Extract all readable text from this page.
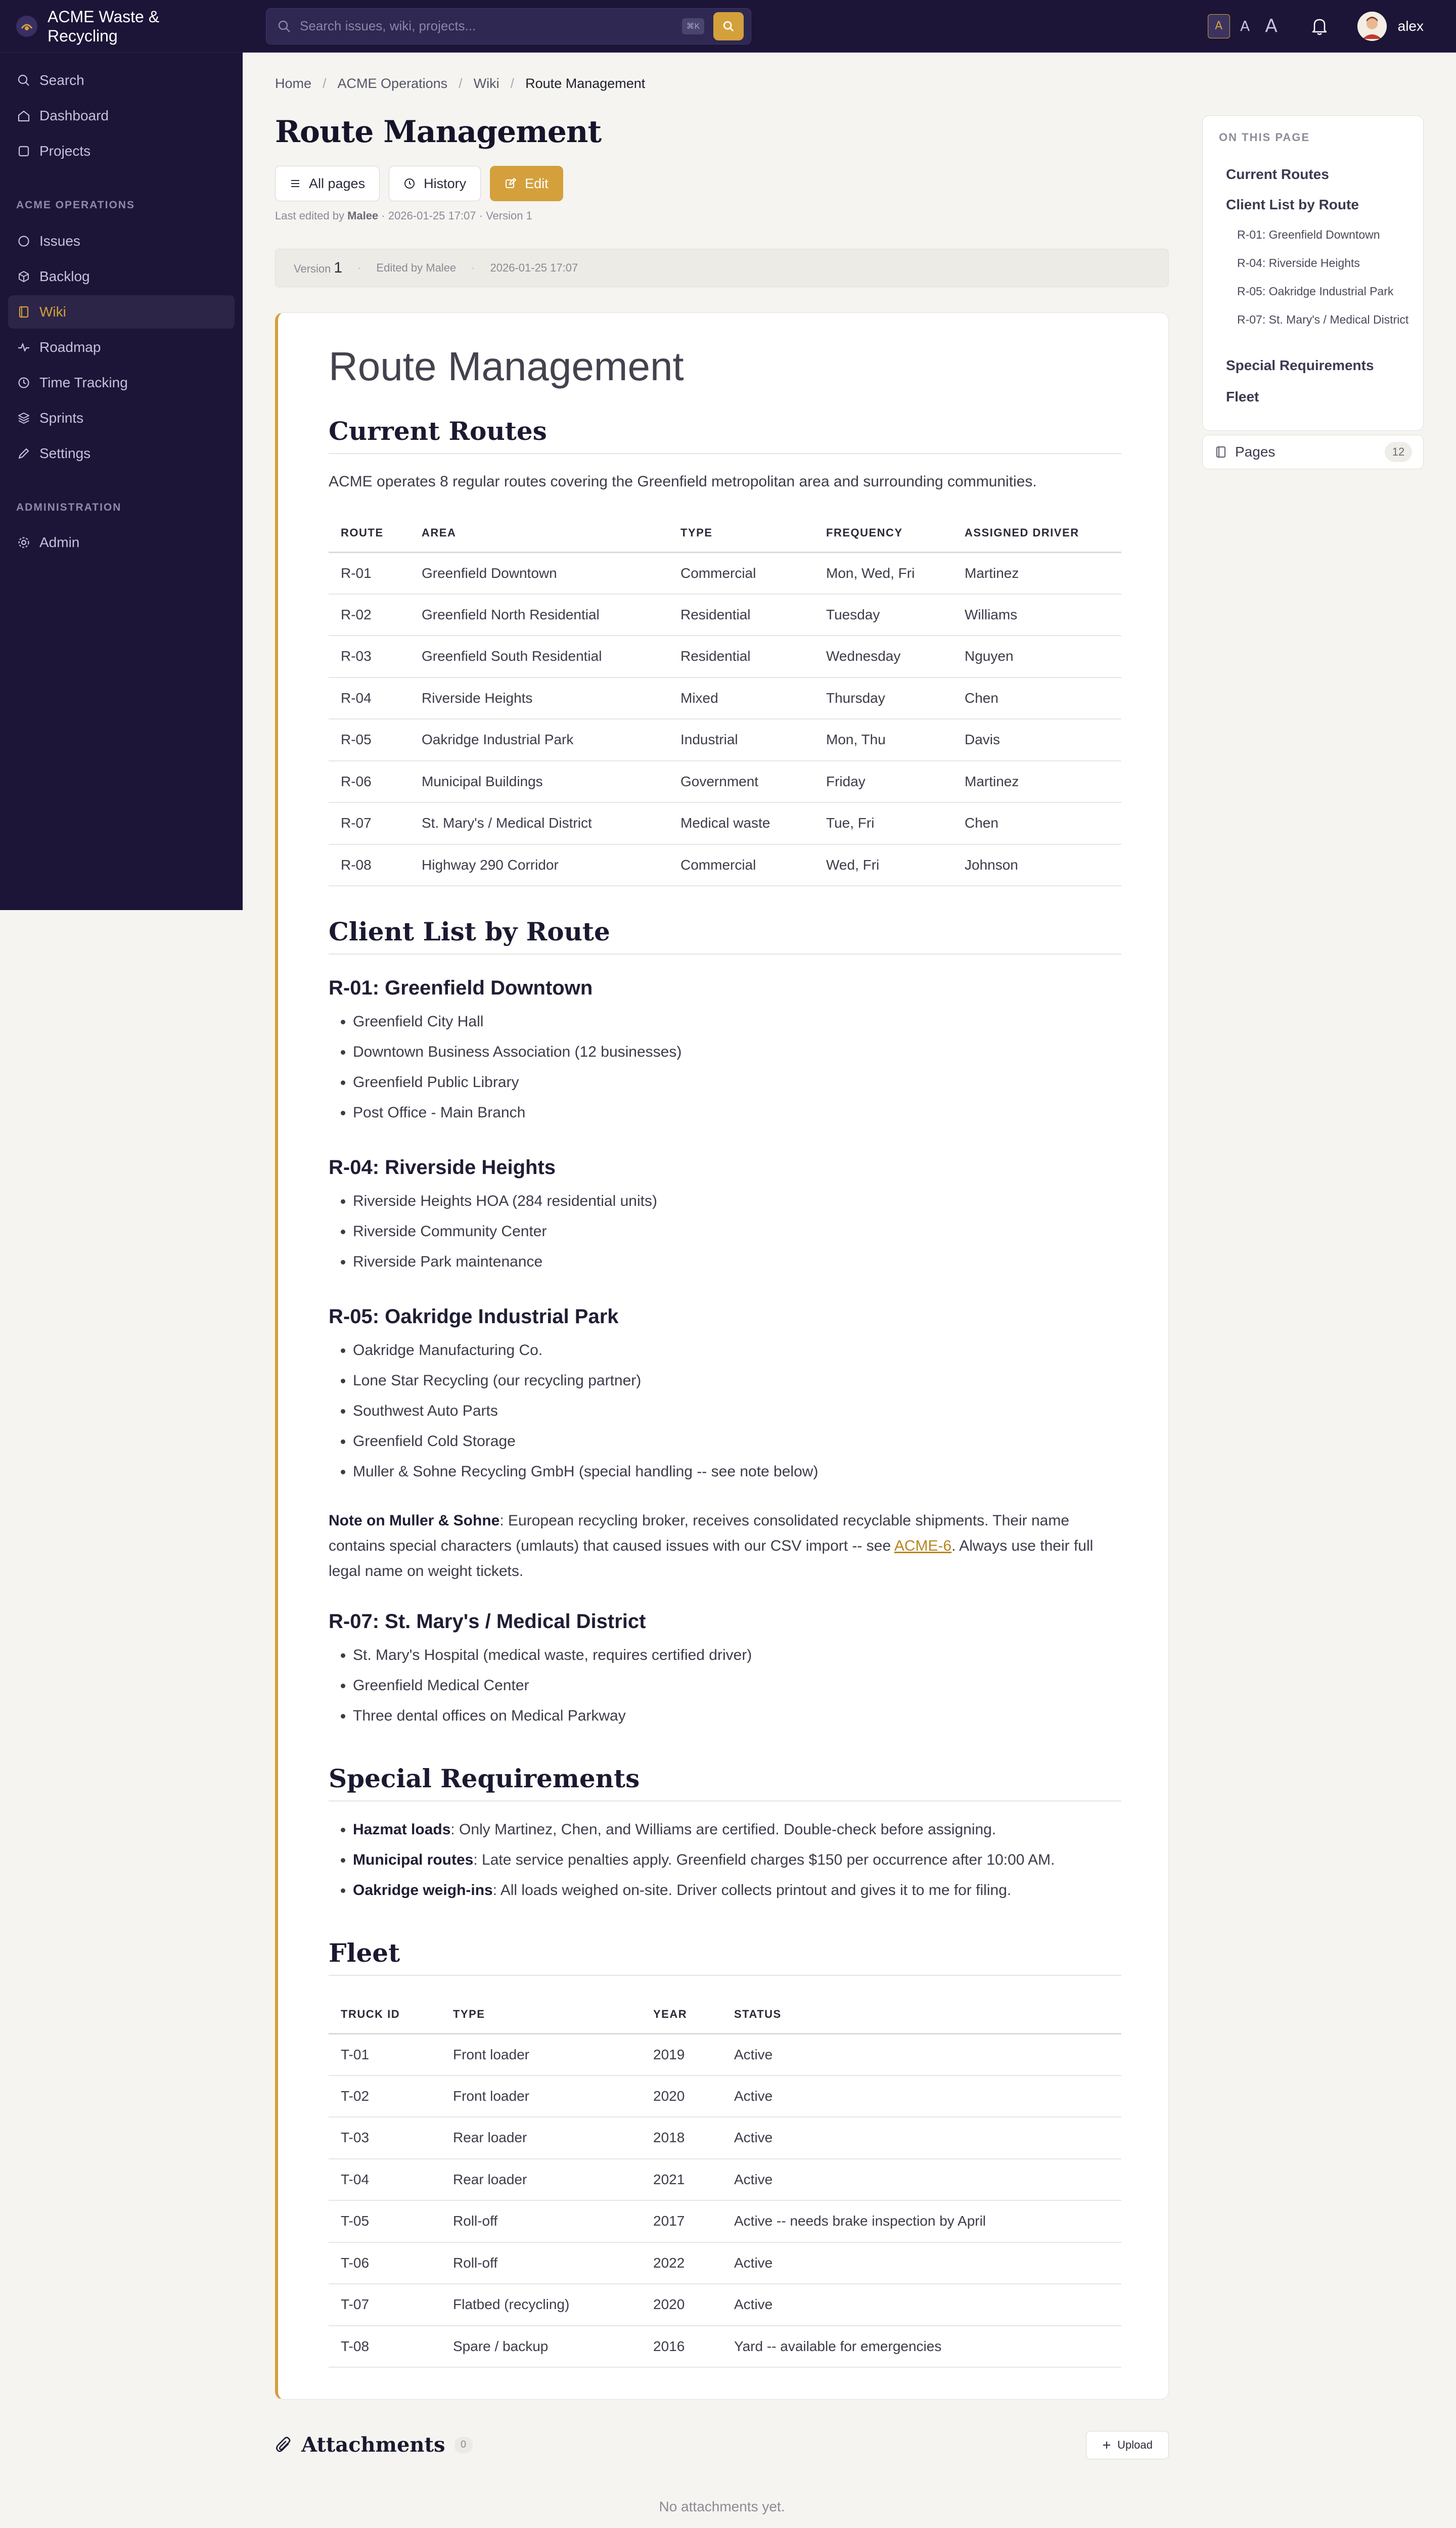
ACME Waste & Recycling
Search issues, wiki, projects...	⌘K	A	A A	alex
Search
Dashboard
Projects
ACME OPERATIONS
Issues
Backlog
Wiki
Roadmap
Time Tracking
Sprints
Settings
ADMINISTRATION
Admin
Home / ACME Operations / Wiki / Route Management
Route Management
All pages	History	Edit
Last edited by Malee · 2026-01-25 17:07 · Version 1
Version 1 · Edited by Malee · 2026-01-25 17:07
Route Management
Current Routes
ACME operates 8 regular routes covering the Greenfield metropolitan area and surrounding communities.
ROUTE	AREA	TYPE	FREQUENCY	ASSIGNED DRIVER
R-01	Greenfield Downtown	Commercial	Mon, Wed, Fri	Martinez
R-02	Greenfield North Residential	Residential	Tuesday	Williams
R-03	Greenfield South Residential	Residential	Wednesday	Nguyen
R-04	Riverside Heights	Mixed	Thursday	Chen
R-05	Oakridge Industrial Park	Industrial	Mon, Thu	Davis
R-06	Municipal Buildings	Government	Friday	Martinez
R-07	St. Mary's / Medical District	Medical waste	Tue, Fri	Chen
R-08	Highway 290 Corridor	Commercial	Wed, Fri	Johnson
Client List by Route
R-01: Greenfield Downtown
• Greenfield City Hall
• Downtown Business Association (12 businesses)
• Greenfield Public Library
• Post Office - Main Branch
R-04: Riverside Heights
• Riverside Heights HOA (284 residential units)
• Riverside Community Center
• Riverside Park maintenance
R-05: Oakridge Industrial Park
• Oakridge Manufacturing Co.
• Lone Star Recycling (our recycling partner)
• Southwest Auto Parts
• Greenfield Cold Storage
• Muller & Sohne Recycling GmbH (special handling -- see note below)
Note on Muller & Sohne: European recycling broker, receives consolidated recyclable shipments. Their name contains special characters (umlauts) that caused issues with our CSV import -- see ACME-6. Always use their full legal name on weight tickets.
R-07: St. Mary's / Medical District
• St. Mary's Hospital (medical waste, requires certified driver)
• Greenfield Medical Center
• Three dental offices on Medical Parkway
Special Requirements
• Hazmat loads: Only Martinez, Chen, and Williams are certified. Double-check before assigning.
• Municipal routes: Late service penalties apply. Greenfield charges $150 per occurrence after 10:00 AM.
• Oakridge weigh-ins: All loads weighed on-site. Driver collects printout and gives it to me for filing.
Fleet
TRUCK ID	TYPE	YEAR	STATUS
T-01	Front loader	2019	Active
T-02	Front loader	2020	Active
T-03	Rear loader	2018	Active
T-04	Rear loader	2021	Active
T-05	Roll-off	2017	Active -- needs brake inspection by April
T-06	Roll-off	2022	Active
T-07	Flatbed (recycling)	2020	Active
T-08	Spare / backup	2016	Yard -- available for emergencies
ON THIS PAGE
Current Routes
Client List by Route
R-01: Greenfield Downtown
R-04: Riverside Heights
R-05: Oakridge Industrial Park
R-07: St. Mary's / Medical District
Special Requirements
Fleet
Pages	12
Attachments	0	Upload
No attachments yet.
